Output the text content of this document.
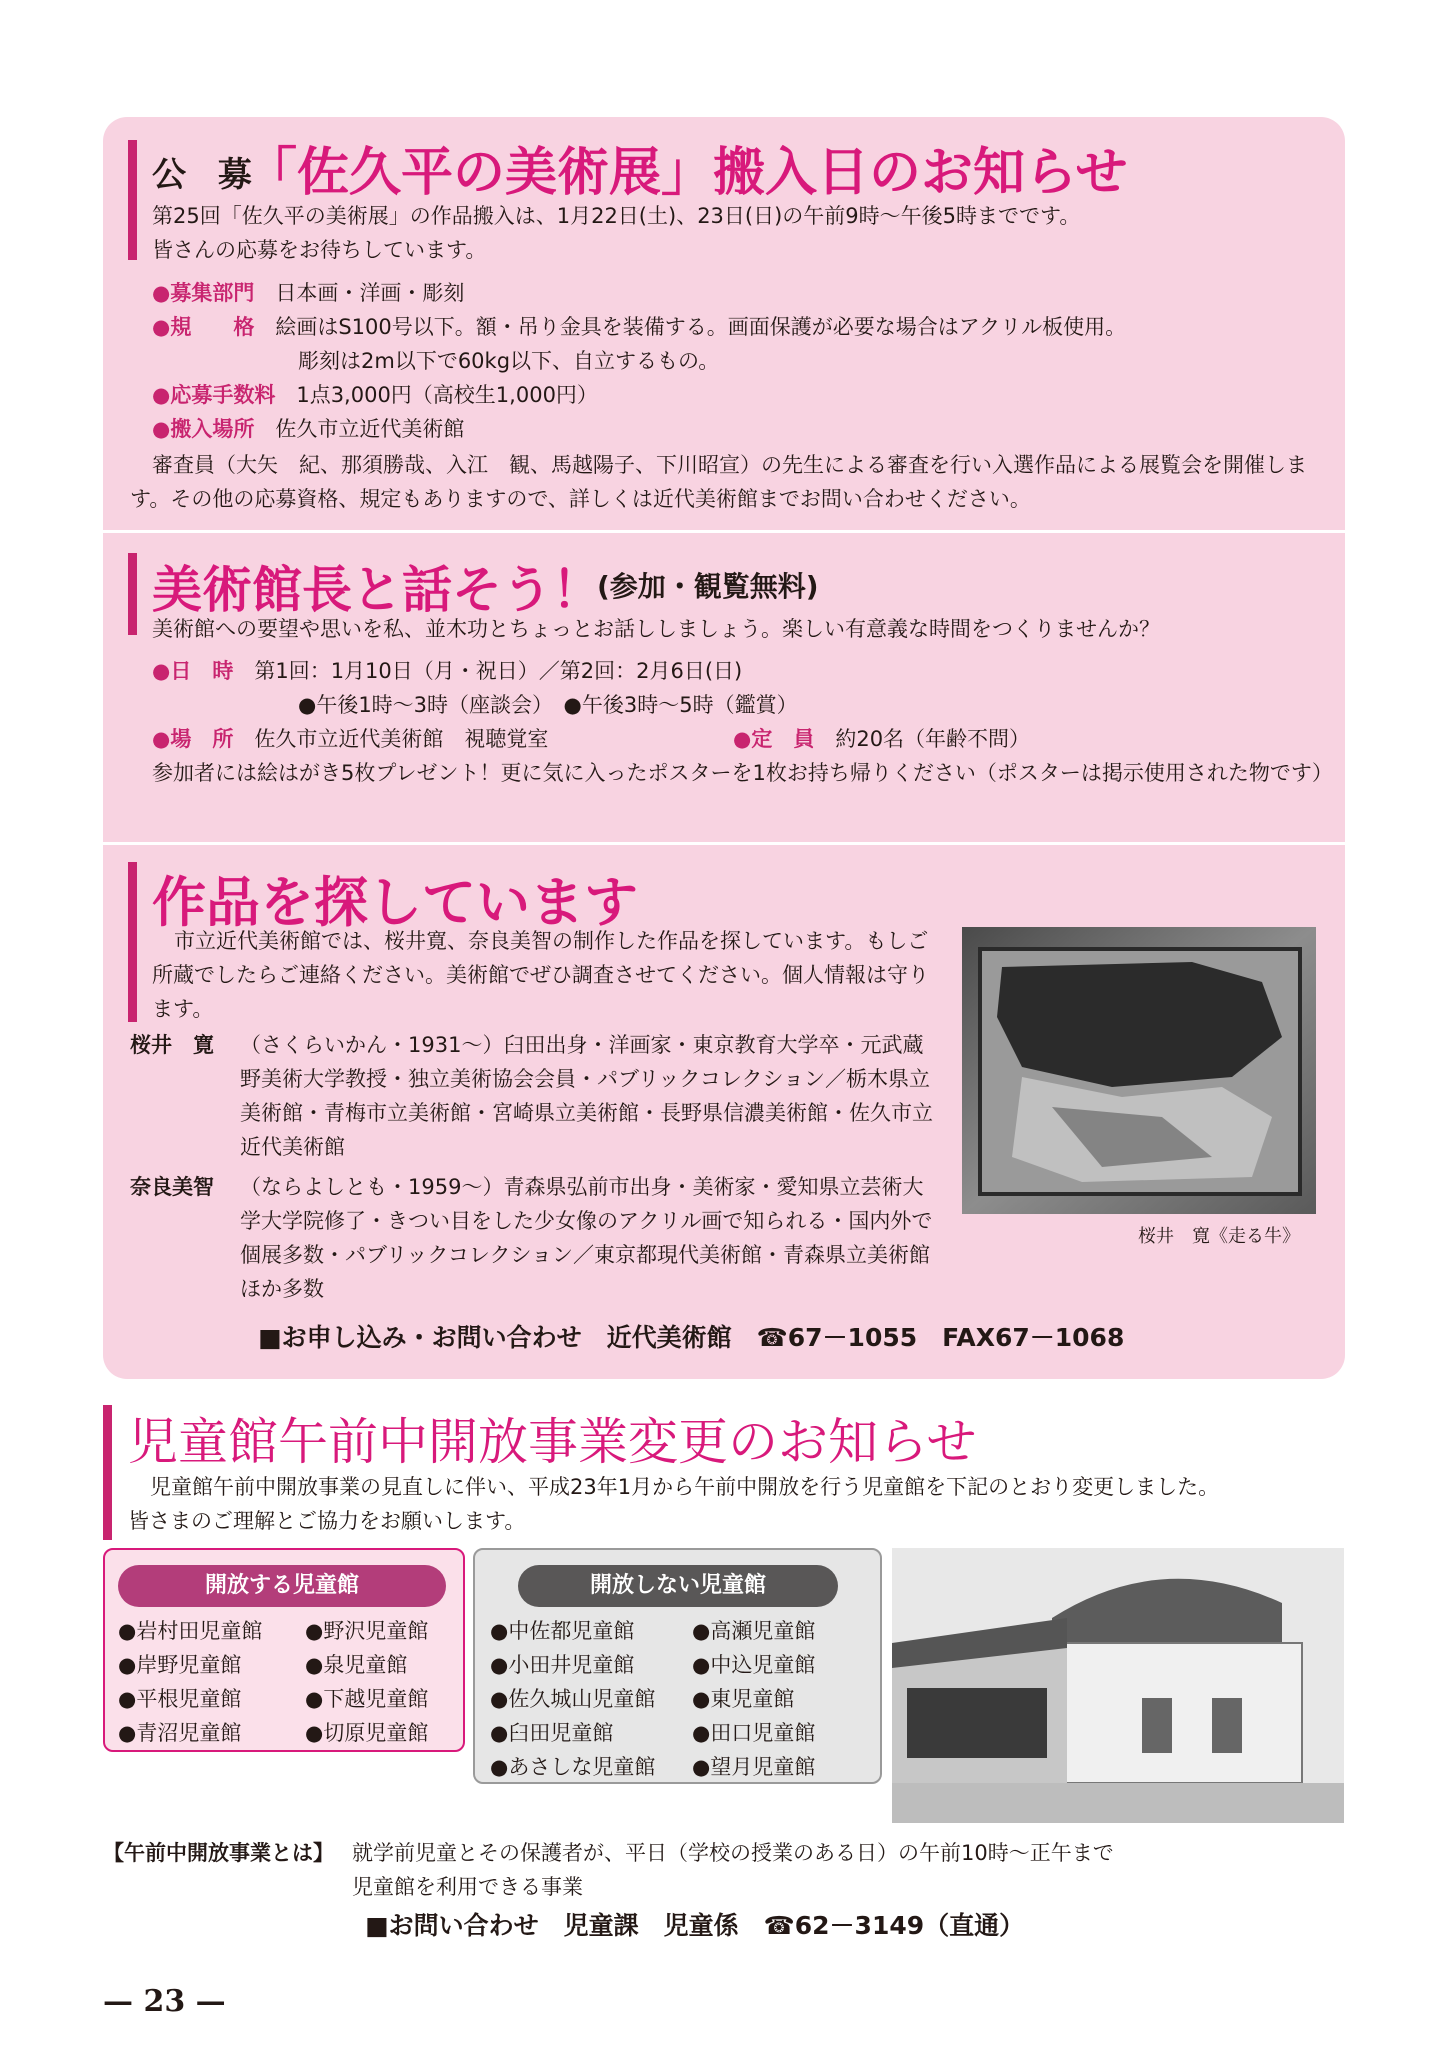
公 募
「佐久平の美術展」搬入日のお知らせ
第25回「佐久平の美術展」の作品搬入は、1月22日(土)、23日(日)の午前9時～午後5時までです。
皆さんの応募をお待ちしています。
●募集部門　 日本画・洋画・彫刻
●規　　格　 絵画はS100号以下。額・吊り金具を装備する。画面保護が必要な場合はアクリル板使用。
彫刻は2m以下で60kg以下、自立するもの。
●応募手数料　 1点3,000円（高校生1,000円）
●搬入場所　 佐久市立近代美術館

審査員（大矢　紀、那須勝哉、入江　観、馬越陽子、下川昭宣）の先生による審査を行い入選作品による展覧会を開催します。その他の応募資格、規定もありますので、詳しくは近代美術館までお問い合わせください。

美術館長と話そう！
(参加・観覧無料)
美術館への要望や思いを私、並木功とちょっとお話ししましょう。楽しい有意義な時間をつくりませんか？
●日　時　 第1回：1月10日（月・祝日）／第2回：2月6日(日)
●午後1時～3時（座談会）　●午後3時～5時（鑑賞）
●場　所　 佐久市立近代美術館　視聴覚室	●定　員　 約20名（年齢不問）

参加者には絵はがき5枚プレゼント！更に気に入ったポスターを1枚お持ち帰りください（ポスターは掲示使用された物です）

作品を探しています

市立近代美術館では、桜井寛、奈良美智の制作した作品を探しています。もしご所蔵でしたらご連絡ください。美術館でぜひ調査させてください。個人情報は守ります。

桜井　寛 （さくらいかん・1931～）臼田出身・洋画家・東京教育大学卒・元武蔵野美術大学教授・独立美術協会会員・パブリックコレクション／栃木県立美術館・青梅市立美術館・宮崎県立美術館・長野県信濃美術館・佐久市立近代美術館

奈良美智 （ならよしとも・1959～）青森県弘前市出身・美術家・愛知県立芸術大学大学院修了・きつい目をした少女像のアクリル画で知られる・国内外で個展多数・パブリックコレクション／東京都現代美術館・青森県立美術館ほか多数

桜井　寛《走る牛》
■お申し込み・お問い合わせ　近代美術館　☎67－1055　FAX67－1068
児童館午前中開放事業変更のお知らせ
児童館午前中開放事業の見直しに伴い、平成23年1月から午前中開放を行う児童館を下記のとおり変更しました。
皆さまのご理解とご協力をお願いします。
開放する児童館
●岩村田児童館 ●野沢児童館
●岸野児童館	●泉児童館
●平根児童館	●下越児童館
●青沼児童館	●切原児童館
開放しない児童館
●中佐都児童館	●高瀬児童館
●小田井児童館	●中込児童館
●佐久城山児童館 ●東児童館
●臼田児童館	●田口児童館
●あさしな児童館 ●望月児童館
【午前中開放事業とは】 就学前児童とその保護者が、平日（学校の授業のある日）の午前10時～正午まで
児童館を利用できる事業
■お問い合わせ　児童課　児童係　☎62－3149（直通）
— 23 —
